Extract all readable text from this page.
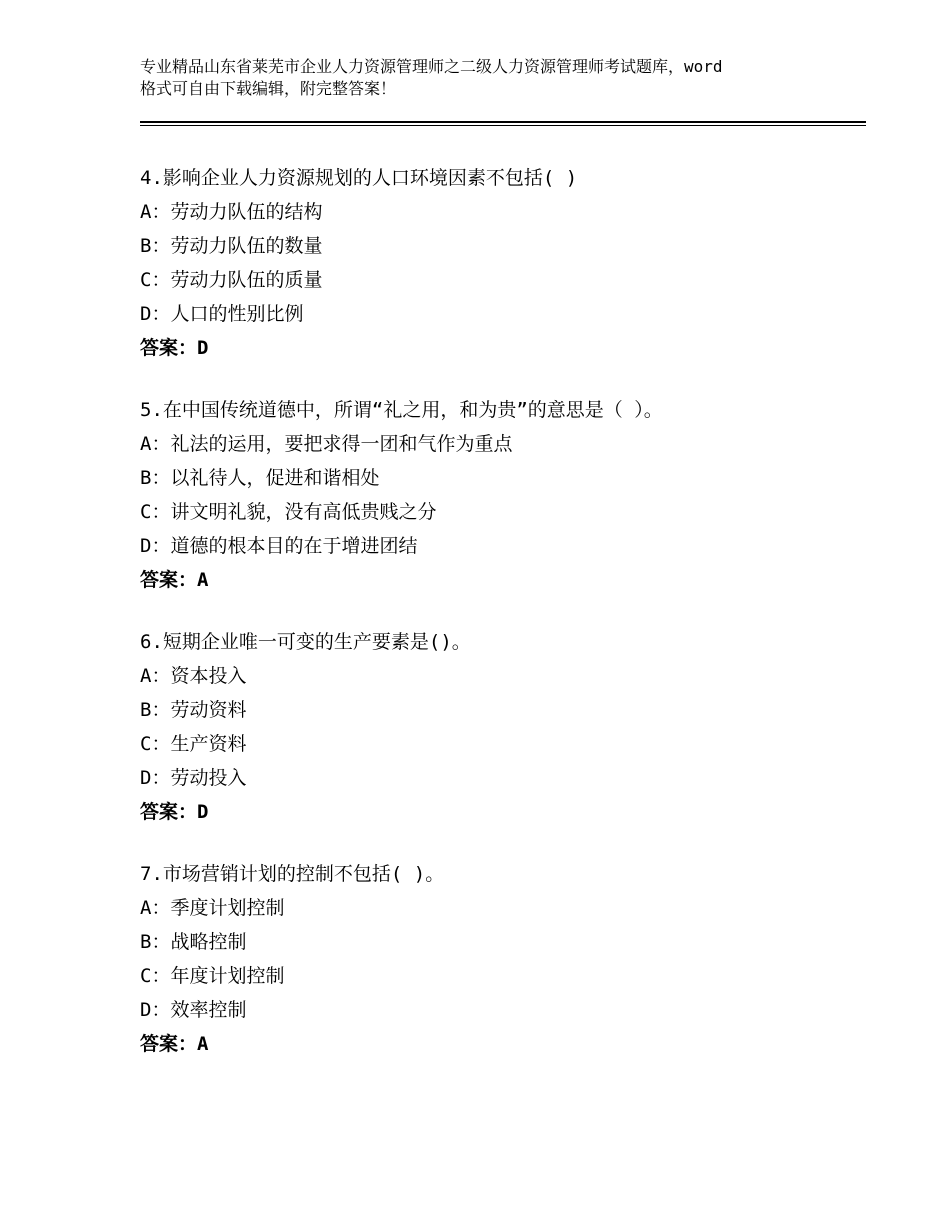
专业精品山东省莱芜市企业人力资源管理师之二级人力资源管理师考试题库，word
格式可自由下载编辑，附完整答案！
4.影响企业人力资源规划的人口环境因素不包括( )
A：劳动力队伍的结构
B：劳动力队伍的数量
C：劳动力队伍的质量
D：人口的性别比例
答案：D
5.在中国传统道德中，所谓“礼之用，和为贵”的意思是（ ）。
A：礼法的运用，要把求得一团和气作为重点
B：以礼待人，促进和谐相处
C：讲文明礼貌，没有高低贵贱之分
D：道德的根本目的在于增进团结
答案：A
6.短期企业唯一可变的生产要素是()。
A：资本投入
B：劳动资料
C：生产资料
D：劳动投入
答案：D
7.市场营销计划的控制不包括( )。
A：季度计划控制
B：战略控制
C：年度计划控制
D：效率控制
答案：A
